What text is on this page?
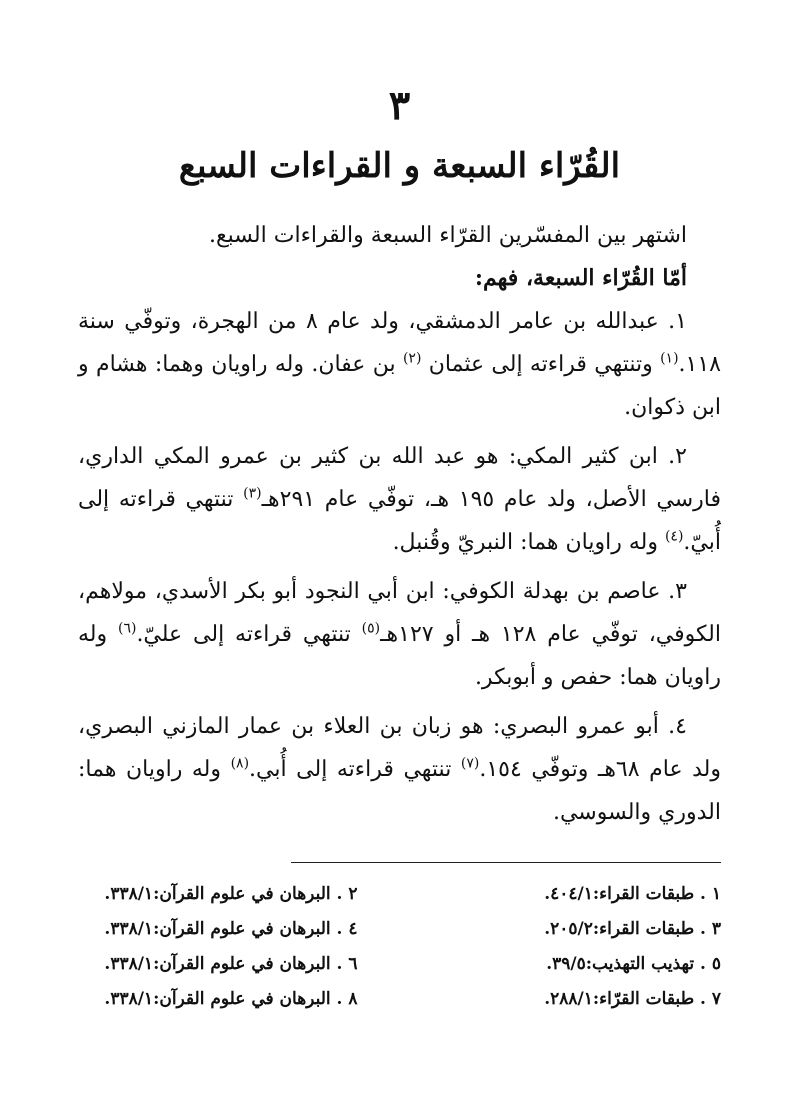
٣
القُرّاء السبعة و القراءات السبع

اشتهر بين المفسّرين القرّاء السبعة والقراءات السبع.

أمّا القُرّاء السبعة، فهم:

١. عبدالله بن عامر الدمشقي، ولد عام ٨ من الهجرة، وتوفّي سنة ١١٨.$^{(١)}$ وتنتهي قراءته إلى عثمان $^{(٢)}$ بن عفان. وله راويان وهما: هشام و ابن ذكوان.

٢. ابن كثير المكي: هو عبد الله بن كثير بن عمرو المكي الداري، فارسي الأصل، ولد عام ١٩٥ هـ، توفّي عام ٢٩١هـ$^{(٣)}$ تنتهي قراءته إلى أُبيّ.$^{(٤)}$ وله راويان هما: النبريّ وقُنبل.

٣. عاصم بن بهدلة الكوفي: ابن أبي النجود أبو بكر الأسدي، مولاهم، الكوفي، توفّي عام ١٢٨ هـ أو ١٢٧هـ$^{(٥)}$ تنتهي قراءته إلى عليّ.$^{(٦)}$ وله راويان هما: حفص و أبوبكر.

٤. أبو عمرو البصري: هو زبان بن العلاء بن عمار المازني البصري، ولد عام ٦٨هـ وتوفّي ١٥٤.$^{(٧)}$ تنتهي قراءته إلى أُبي.$^{(٨)}$ وله راويان هما: الدوري والسوسي.

١ . طبقات القراء:٤٠٤/١.
٢ . البرهان في علوم القرآن:٣٣٨/١.
٣ . طبقات القراء:٢٠٥/٢.
٤ . البرهان في علوم القرآن:٣٣٨/١.
٥ . تهذيب التهذيب:٣٩/٥.
٦ . البرهان في علوم القرآن:٣٣٨/١.
٧ . طبقات القرّاء:٢٨٨/١.
٨ . البرهان في علوم القرآن:٣٣٨/١.
